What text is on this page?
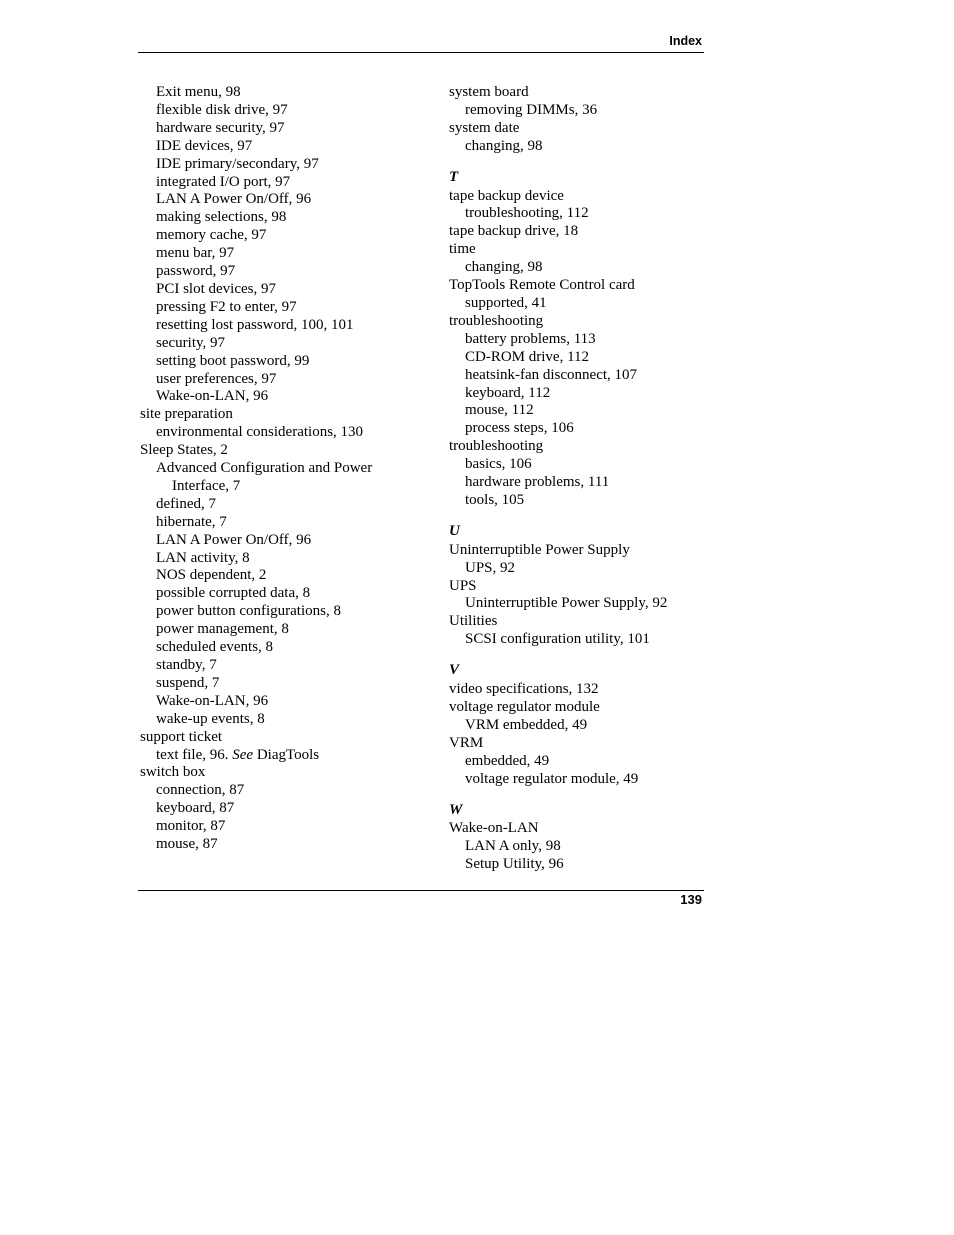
Index
Exit menu, 98
flexible disk drive, 97
hardware security, 97
IDE devices, 97
IDE primary/secondary, 97
integrated I/O port, 97
LAN A Power On/Off, 96
making selections, 98
memory cache, 97
menu bar, 97
password, 97
PCI slot devices, 97
pressing F2 to enter, 97
resetting lost password, 100, 101
security, 97
setting boot password, 99
user preferences, 97
Wake-on-LAN, 96
site preparation
environmental considerations, 130
Sleep States, 2
Advanced Configuration and Power
Interface, 7
defined, 7
hibernate, 7
LAN A Power On/Off, 96
LAN activity, 8
NOS dependent, 2
possible corrupted data, 8
power button configurations, 8
power management, 8
scheduled events, 8
standby, 7
suspend, 7
Wake-on-LAN, 96
wake-up events, 8
support ticket
text file, 96. See DiagTools
switch box
connection, 87
keyboard, 87
monitor, 87
mouse, 87
system board
removing DIMMs, 36
system date
changing, 98
T
tape backup device
troubleshooting, 112
tape backup drive, 18
time
changing, 98
TopTools Remote Control card
supported, 41
troubleshooting
battery problems, 113
CD-ROM drive, 112
heatsink-fan disconnect, 107
keyboard, 112
mouse, 112
process steps, 106
troubleshooting
basics, 106
hardware problems, 111
tools, 105
U
Uninterruptible Power Supply
UPS, 92
UPS
Uninterruptible Power Supply, 92
Utilities
SCSI configuration utility, 101
V
video specifications, 132
voltage regulator module
VRM embedded, 49
VRM
embedded, 49
voltage regulator module, 49
W
Wake-on-LAN
LAN A only, 98
Setup Utility, 96
139
